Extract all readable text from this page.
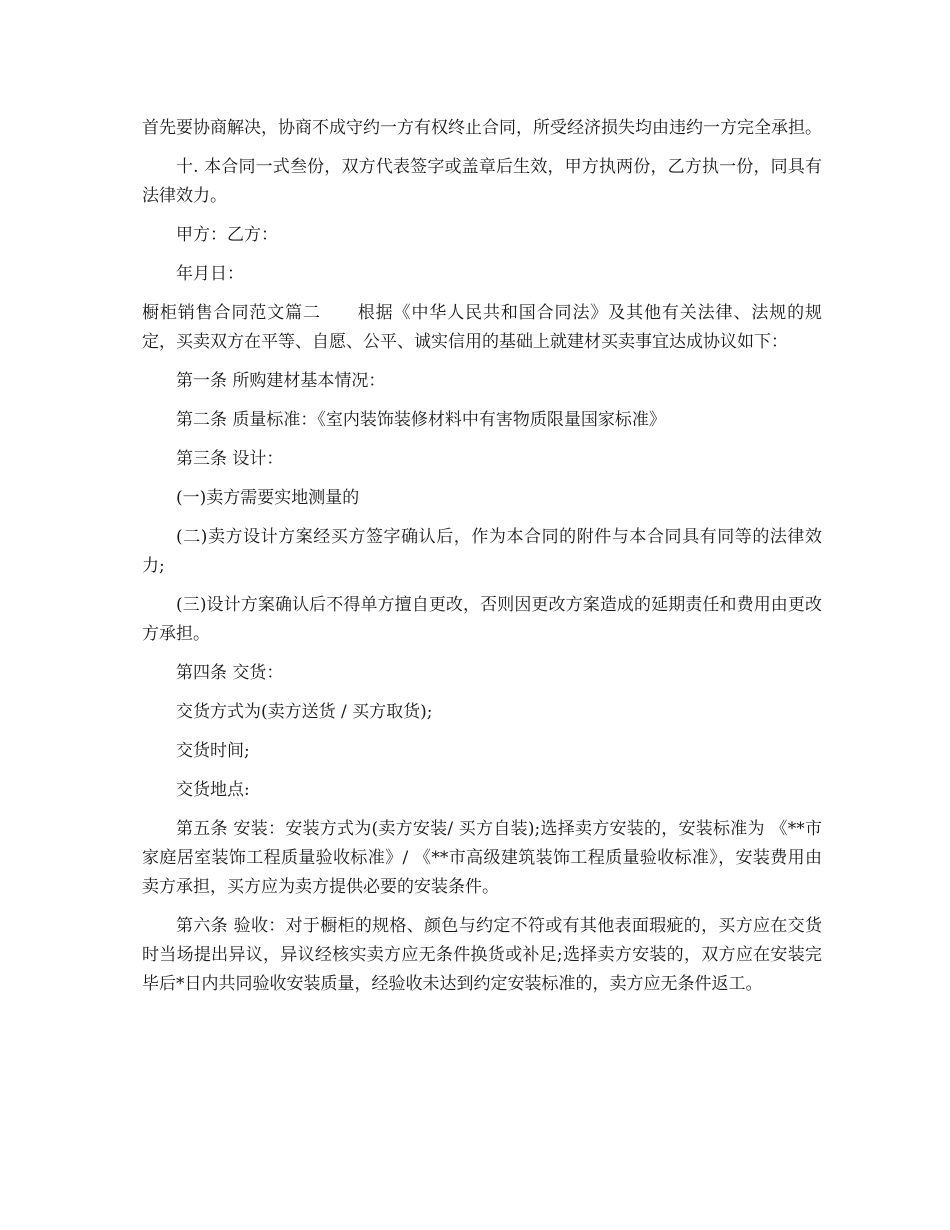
首先要协商解决，协商不成守约一方有权终止合同，所受经济损失均由违约一方完全承担。

十. 本合同一式叁份，双方代表签字或盖章后生效，甲方执两份，乙方执一份，同具有法律效力。

甲方：乙方：

年月日：

橱柜销售合同范文篇二 根据《中华人民共和国合同法》及其他有关法律、法规的规定，买卖双方在平等、自愿、公平、诚实信用的基础上就建材买卖事宜达成协议如下：

第一条 所购建材基本情况：

第二条 质量标准：《室内装饰装修材料中有害物质限量国家标准》

第三条 设计：

(一)卖方需要实地测量的

(二)卖方设计方案经买方签字确认后，作为本合同的附件与本合同具有同等的法律效力;

(三)设计方案确认后不得单方擅自更改，否则因更改方案造成的延期责任和费用由更改方承担。

第四条 交货：

交货方式为(卖方送货 / 买方取货);

交货时间;

交货地点:

第五条 安装：安装方式为(卖方安装/ 买方自装);选择卖方安装的，安装标准为 《**市家庭居室装饰工程质量验收标准》/ 《**市高级建筑装饰工程质量验收标准》，安装费用由卖方承担，买方应为卖方提供必要的安装条件。

第六条 验收：对于橱柜的规格、颜色与约定不符或有其他表面瑕疵的，买方应在交货时当场提出异议，异议经核实卖方应无条件换货或补足;选择卖方安装的，双方应在安装完毕后*日内共同验收安装质量，经验收未达到约定安装标准的，卖方应无条件返工。
